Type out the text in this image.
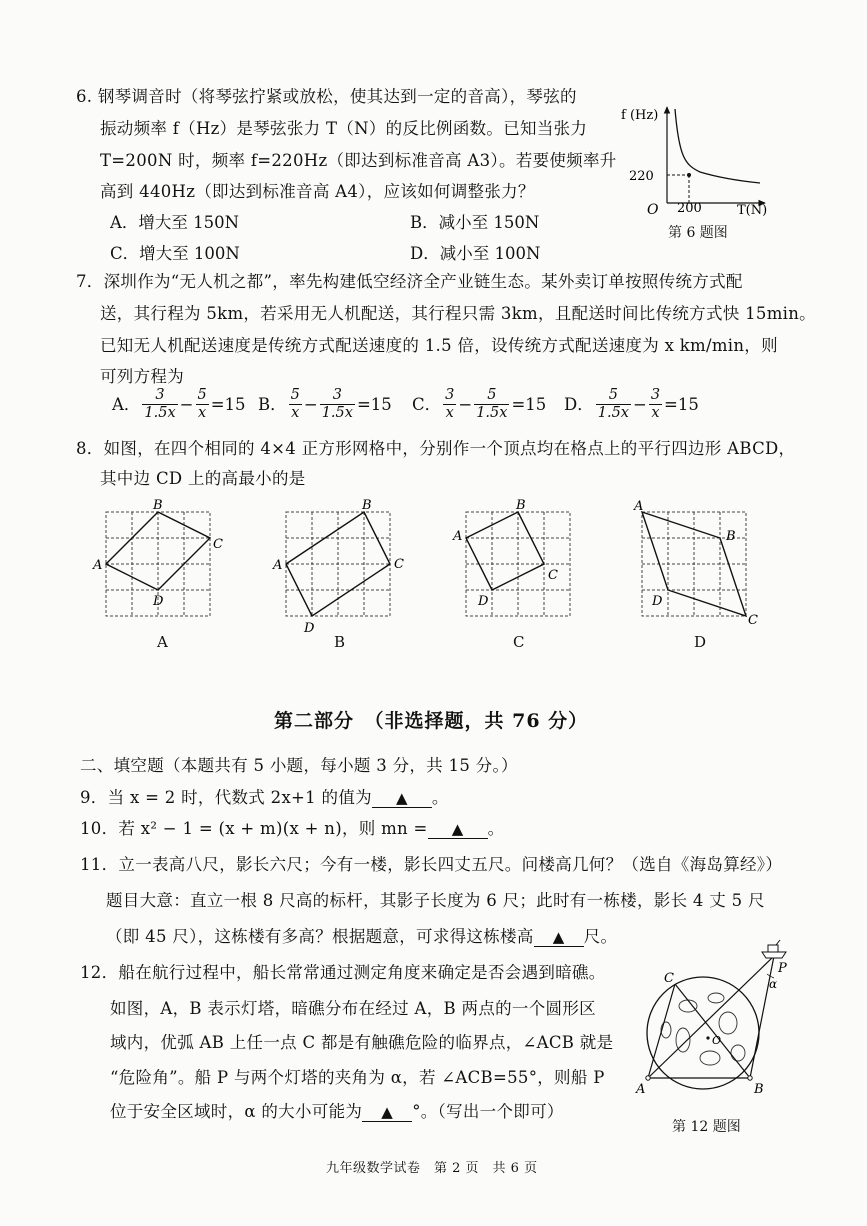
6. 钢琴调音时（将琴弦拧紧或放松，使其达到一定的音高），琴弦的
振动频率 f（Hz）是琴弦张力 T（N）的反比例函数。已知当张力
T=200N 时，频率 f=220Hz（即达到标准音高 A3）。若要使频率升
高到 440Hz（即达到标准音高 A4），应该如何调整张力？
A．增大至 150N	B．减小至 150N
C．增大至 100N	D．减小至 100N
f (Hz)
220
O 200	T(N)
第 6 题图
7．深圳作为“无人机之都”，率先构建低空经济全产业链生态。某外卖订单按照传统方式配
送，其行程为 5km，若采用无人机配送，其行程只需 3km，且配送时间比传统方式快 15min。
已知无人机配送速度是传统方式配送速度的 1.5 倍，设传统方式配送速度为 x km/min，则
可列方程为
A． $\frac{3}{1.5x} - \frac{5}{x} =15$ B． $\frac{5}{x} - \frac{3}{1.5x} =15$ C． $\frac{3}{x} - \frac{5}{1.5x} =15$ D． $\frac{5}{1.5x} - \frac{3}{x} =15$
8．如图，在四个相同的 4×4 正方形网格中，分别作一个顶点均在格点上的平行四边形 ABCD，
其中边 CD 上的高最小的是
A
B
C
D
A
B
C
D
A
B
C
D
A
B
C
D
A	B	C	D
第二部分　（非选择题，共 76 分）
二、填空题（本题共有 5 小题，每小题 3 分，共 15 分。）
9．当 x = 2 时，代数式 2x+1 的值为 ▲ 。
10．若 x² − 1 = (x + m)(x + n)，则 mn = ▲ 。
11．立一表高八尺，影长六尺；今有一楼，影长四丈五尺。问楼高几何？（选自《海岛算经》）
题目大意：直立一根 8 尺高的标杆，其影子长度为 6 尺；此时有一栋楼，影长 4 丈 5 尺
（即 45 尺），这栋楼有多高？根据题意，可求得这栋楼高 ▲ 尺。
12．船在航行过程中，船长常常通过测定角度来确定是否会遇到暗礁。
如图，A，B 表示灯塔，暗礁分布在经过 A，B 两点的一个圆形区
域内，优弧 AB 上任一点 C 都是有触礁危险的临界点，∠ACB 就是
“危险角”。船 P 与两个灯塔的夹角为 α，若 ∠ACB=55°，则船 P
位于安全区域时，α 的大小可能为 ▲ °。（写出一个即可）
C
P
α
O
A	B
第 12 题图
九年级数学试卷　第 2 页　共 6 页
